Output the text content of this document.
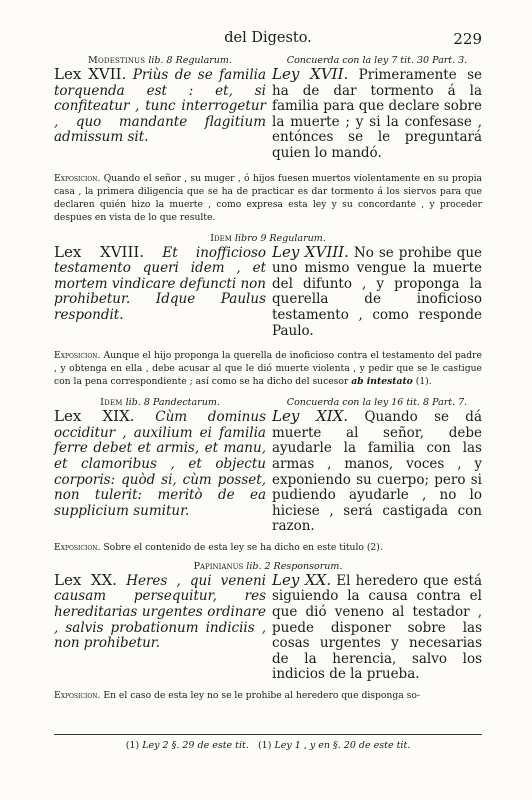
del Digesto.	229
Modestinus lib. 8 Regularum.	Concuerda con la ley 7 tit. 30 Part. 3.
Lex XVII. Priùs de se familia torquenda est : et, si confiteatur , tunc interrogetur , quo mandante flagitium admissum sit.
Ley XVII. Primeramente se ha de dar tormento á la familia para que declare sobre la muerte ; y si la confesase , entónces se le preguntará quien lo mandó.

Exposicion. Quando el señor , su muger , ó hijos fuesen muertos violentamente en su propia casa , la primera diligencia que se ha de practicar es dar tormento á los siervos para que declaren quién hizo la muerte , como expresa esta ley y su concordante , y proceder despues en vista de lo que resulte.

Idem libro 9 Regularum.
Lex XVIII. Et inofficioso testamento queri idem , et mortem vindicare defuncti non prohibetur. Idque Paulus respondit.
Ley XVIII. No se prohibe que uno mismo vengue la muerte del difunto , y proponga la querella de inoficioso testamento , como responde Paulo.

Exposicion. Aunque el hijo proponga la querella de inoficioso contra el testamento del padre , y obtenga en ella , debe acusar al que le dió muerte violenta , y pedir que se le castigue con la pena correspondiente ; así como se ha dicho del sucesor ab intestato (1).

Idem lib. 8 Pandectarum.	Concuerda con la ley 16 tit. 8 Part. 7.
Lex XIX. Cùm dominus occiditur , auxilium ei familia ferre debet et armis, et manu, et clamoribus , et objectu corporis: quòd si, cùm posset, non tulerit: meritò de ea supplicium sumitur.
Ley XIX. Quando se dá muerte al señor, debe ayudarle la familia con las armas , manos, voces , y exponiendo su cuerpo; pero si pudiendo ayudarle , no lo hiciese , será castigada con razon.

Exposicion. Sobre el contenido de esta ley se ha dicho en este titulo (2).

Papinianus lib. 2 Responsorum.
Lex XX. Heres , qui veneni causam persequitur, res hereditarias urgentes ordinare , salvis probationum indiciis , non prohibetur.
Ley XX. El heredero que está siguiendo la causa contra el que dió veneno al testador , puede disponer sobre las cosas urgentes y necesarias de la herencia, salvo los indicios de la prueba.

Exposicion. En el caso de esta ley no se le prohibe al heredero que disponga so-

(1) Ley 2 §. 29 de este tit. (1) Ley 1 , y en §. 20 de este tit.
